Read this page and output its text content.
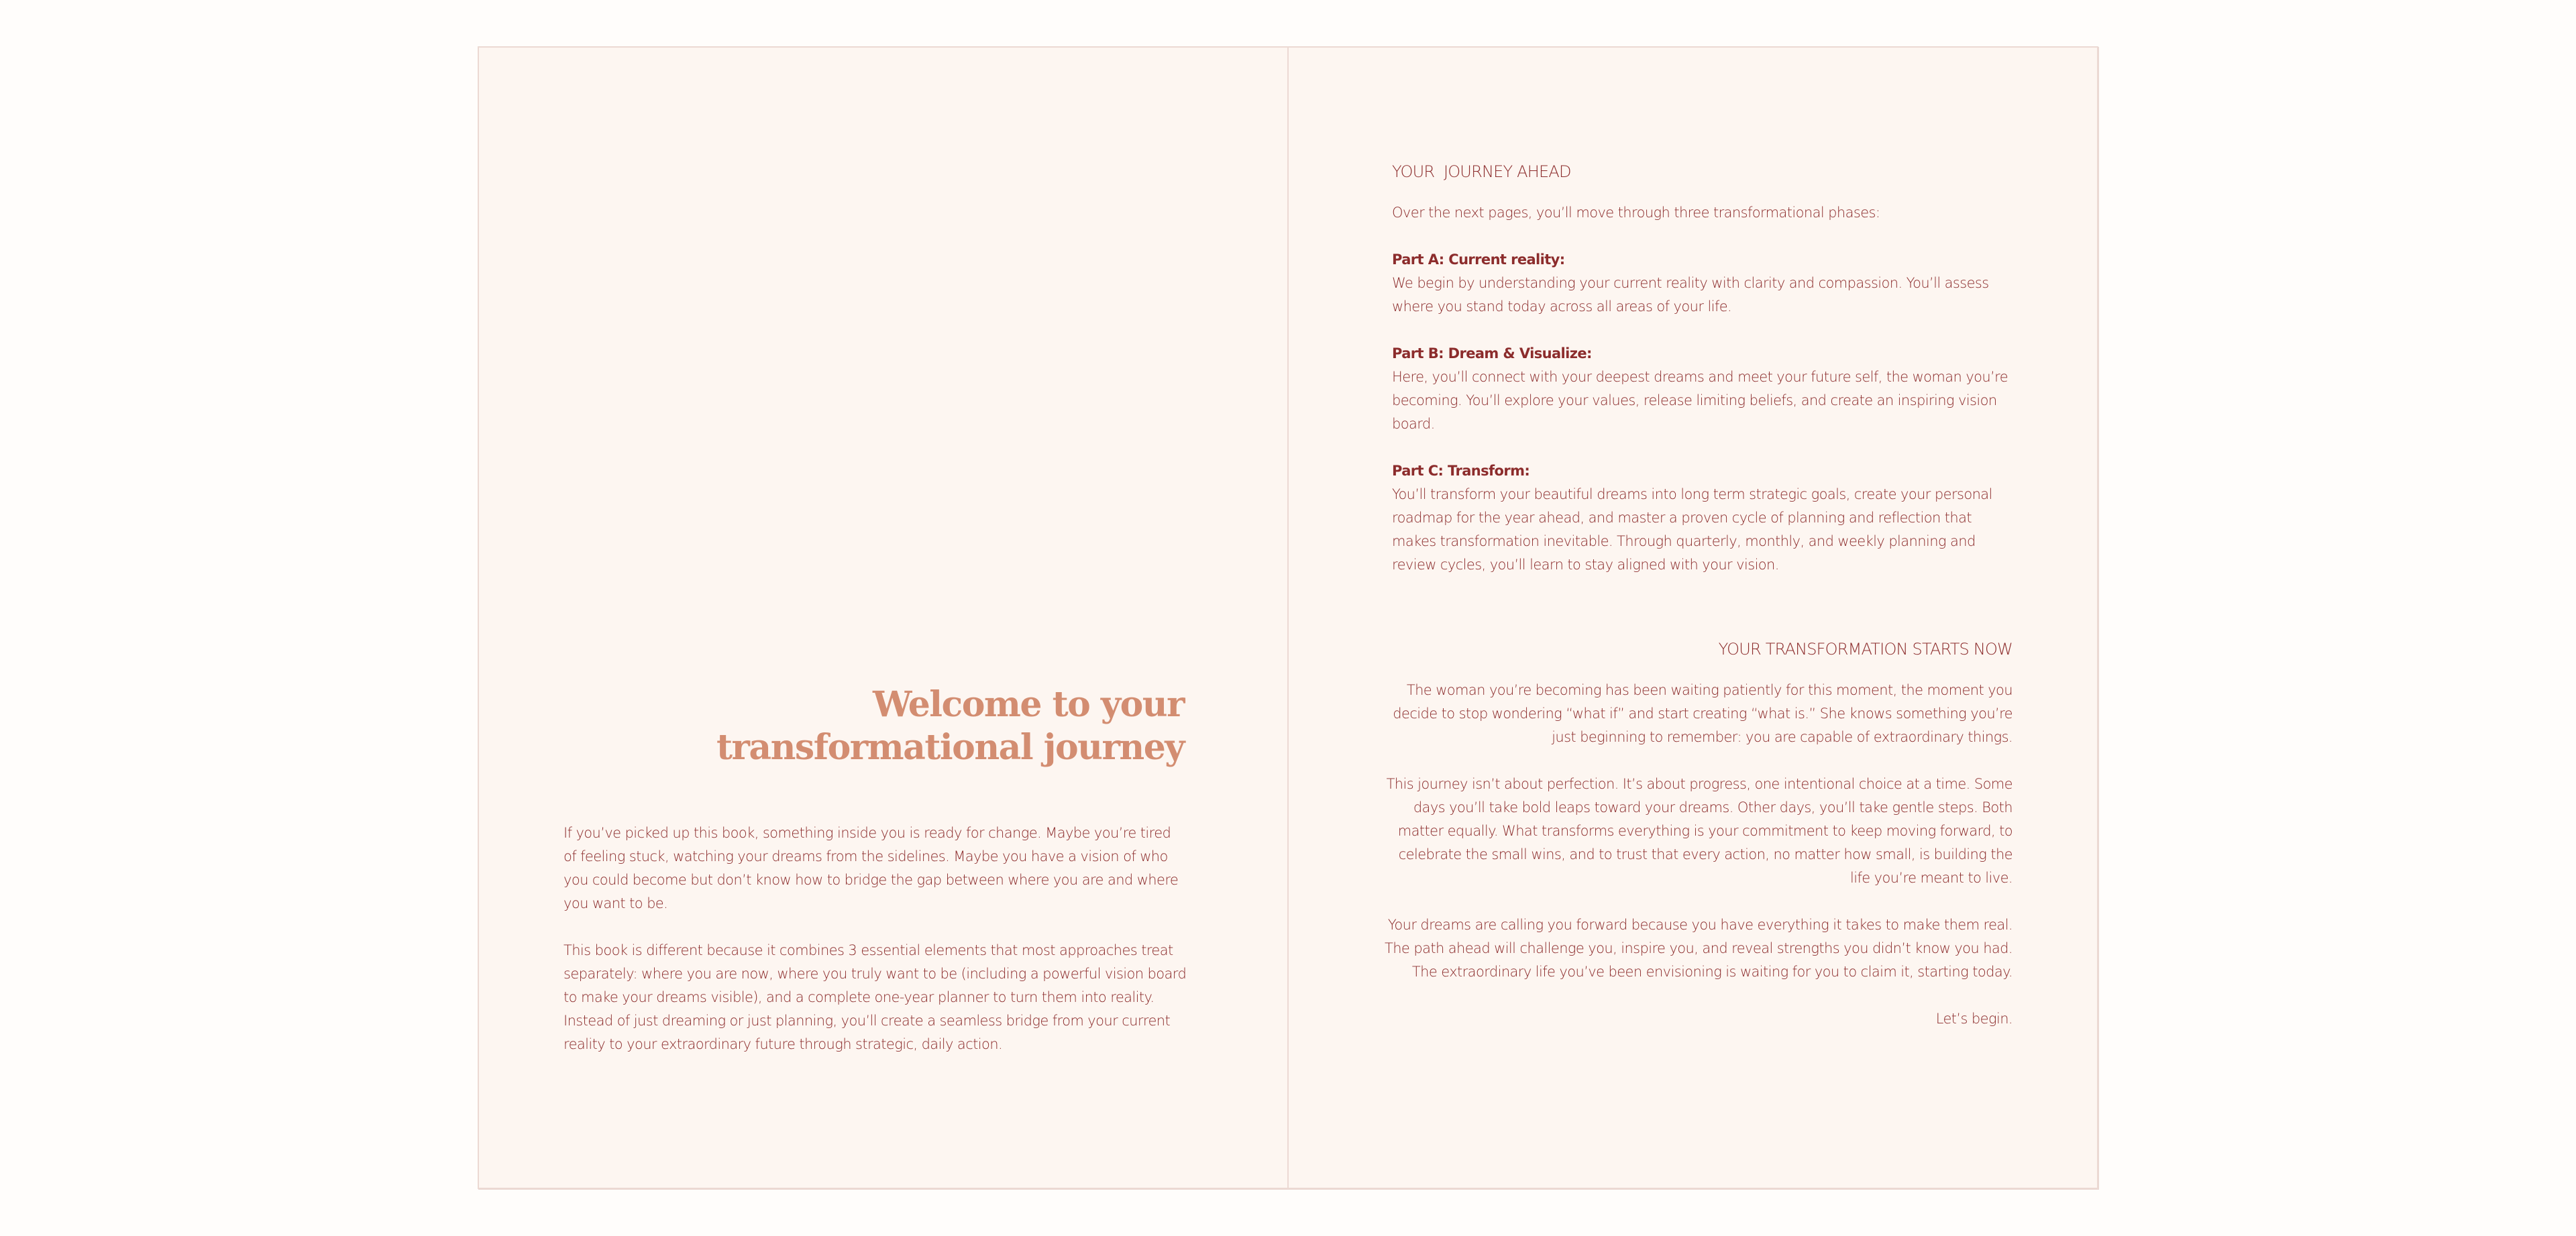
Welcome to your
transformational journey

If you’ve picked up this book, something inside you is ready for change. Maybe you’re tired of feeling stuck, watching your dreams from the sidelines. Maybe you have a vision of who you could become but don’t know how to bridge the gap between where you are and where you want to be.

This book is different because it combines 3 essential elements that most approaches treat separately: where you are now, where you truly want to be (including a powerful vision board to make your dreams visible), and a complete one-year planner to turn them into reality. Instead of just dreaming or just planning, you’ll create a seamless bridge from your current reality to your extraordinary future through strategic, daily action.

YOUR  JOURNEY AHEAD

Over the next pages, you’ll move through three transformational phases:

Part A: Current reality:
We begin by understanding your current reality with clarity and compassion. You’ll assess where you stand today across all areas of your life.
Part B: Dream & Visualize:
Here, you’ll connect with your deepest dreams and meet your future self, the woman you’re becoming. You’ll explore your values, release limiting beliefs, and create an inspiring vision board.
Part C: Transform:
You’ll transform your beautiful dreams into long term strategic goals, create your personal roadmap for the year ahead, and master a proven cycle of planning and reflection that makes transformation inevitable. Through quarterly, monthly, and weekly planning and review cycles, you’ll learn to stay aligned with your vision.
YOUR TRANSFORMATION STARTS NOW

The woman you’re becoming has been waiting patiently for this moment, the moment you decide to stop wondering “what if” and start creating “what is.” She knows something you’re just beginning to remember: you are capable of extraordinary things.

This journey isn’t about perfection. It’s about progress, one intentional choice at a time. Some days you’ll take bold leaps toward your dreams. Other days, you’ll take gentle steps. Both matter equally. What transforms everything is your commitment to keep moving forward, to celebrate the small wins, and to trust that every action, no matter how small, is building the life you’re meant to live.

Your dreams are calling you forward because you have everything it takes to make them real. The path ahead will challenge you, inspire you, and reveal strengths you didn’t know you had. The extraordinary life you’ve been envisioning is waiting for you to claim it, starting today.

Let’s begin.
